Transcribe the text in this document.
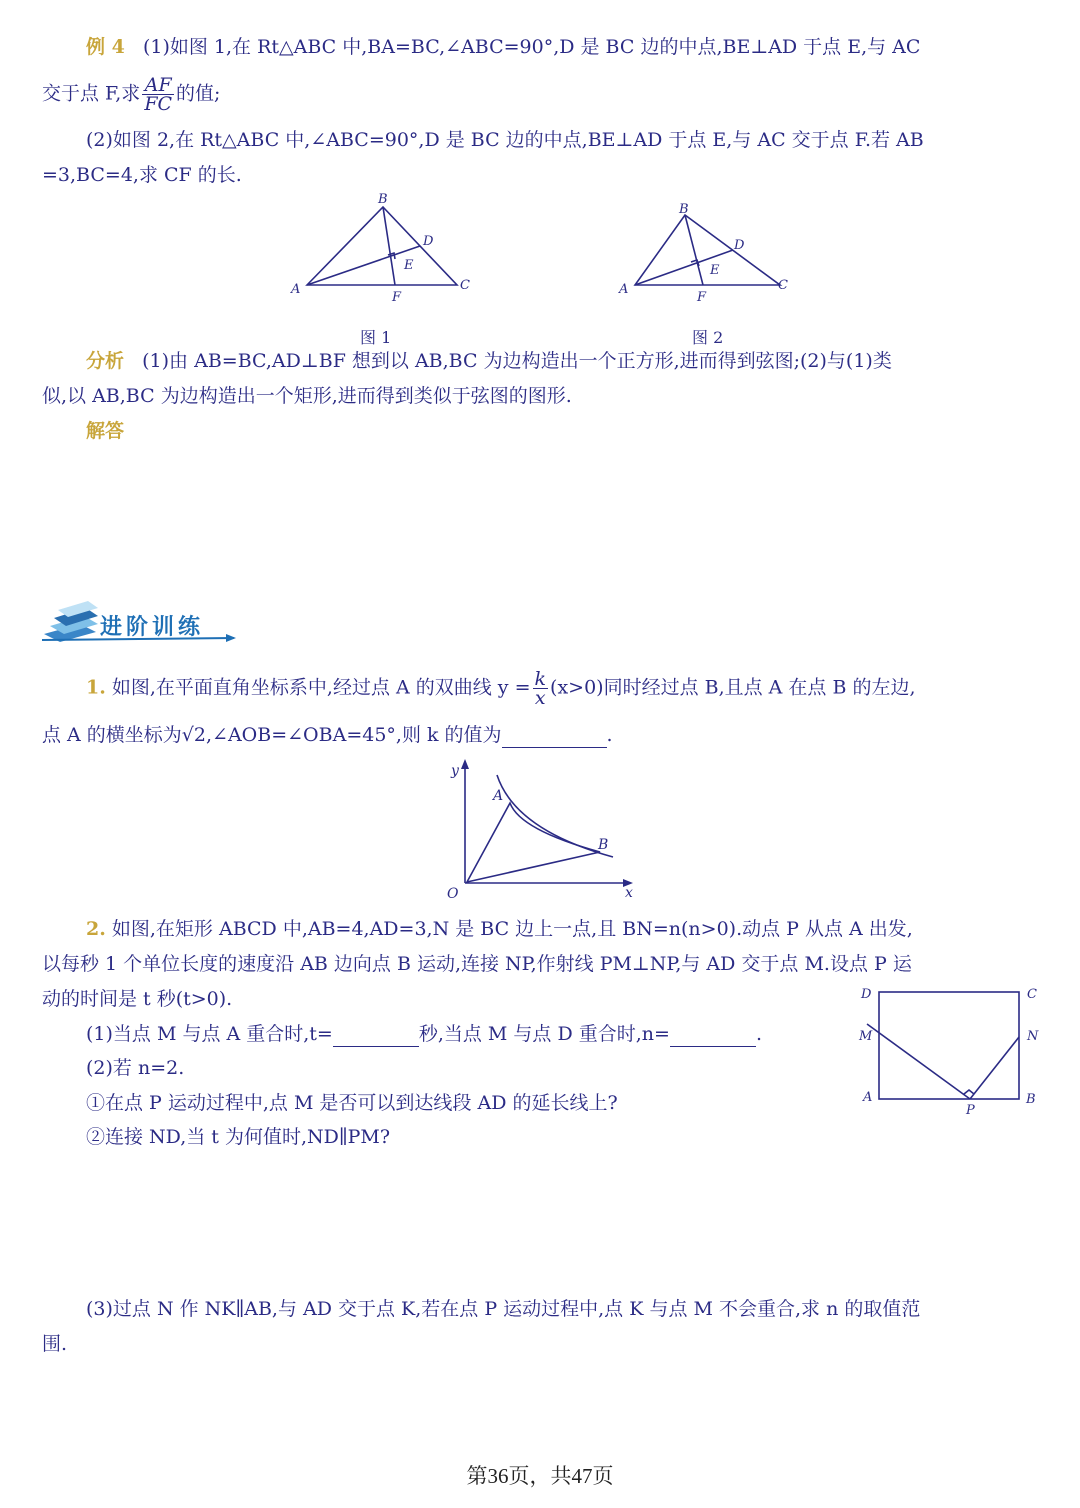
例 4 (1)如图 1,在 Rt△ABC 中,BA=BC,∠ABC=90°,D 是 BC 边的中点,BE⊥AD 于点 E,与 AC
交于点 F,求 $\frac{AF}{FC}$ 的值;
(2)如图 2,在 Rt△ABC 中,∠ABC=90°,D 是 BC 边的中点,BE⊥AD 于点 E,与 AC 交于点 F.若 AB
=3,BC=4,求 CF 的长.
B
A	C
D
E
F
图 1
B
A	C
D
E
F
图 2
分析 (1)由 AB=BC,AD⊥BF 想到以 AB,BC 为边构造出一个正方形,进而得到弦图;(2)与(1)类
似,以 AB,BC 为边构造出一个矩形,进而得到类似于弦图的图形.
解答
进阶训练
1. 如图,在平面直角坐标系中,经过点 A 的双曲线 $y = \frac{k}{x} (x>0)$同时经过点 B,且点 A 在点 B 的左边,
点 A 的横坐标为√2,∠AOB=∠OBA=45°,则 k 的值为	.
y
x
O
A
B
2. 如图,在矩形 ABCD 中,AB=4,AD=3,N 是 BC 边上一点,且 BN=n(n>0).动点 P 从点 A 出发,
以每秒 1 个单位长度的速度沿 AB 边向点 B 运动,连接 NP,作射线 PM⊥NP,与 AD 交于点 M.设点 P 运
动的时间是 t 秒(t>0).
(1)当点 M 与点 A 重合时,t=	秒,当点 M 与点 D 重合时,n=	.
(2)若 n=2.
①在点 P 运动过程中,点 M 是否可以到达线段 AD 的延长线上?
②连接 ND,当 t 为何值时,ND∥PM?
D	C
M	N
A	B
P
(3)过点 N 作 NK∥AB,与 AD 交于点 K,若在点 P 运动过程中,点 K 与点 M 不会重合,求 n 的取值范
围.
第36页，共47页
